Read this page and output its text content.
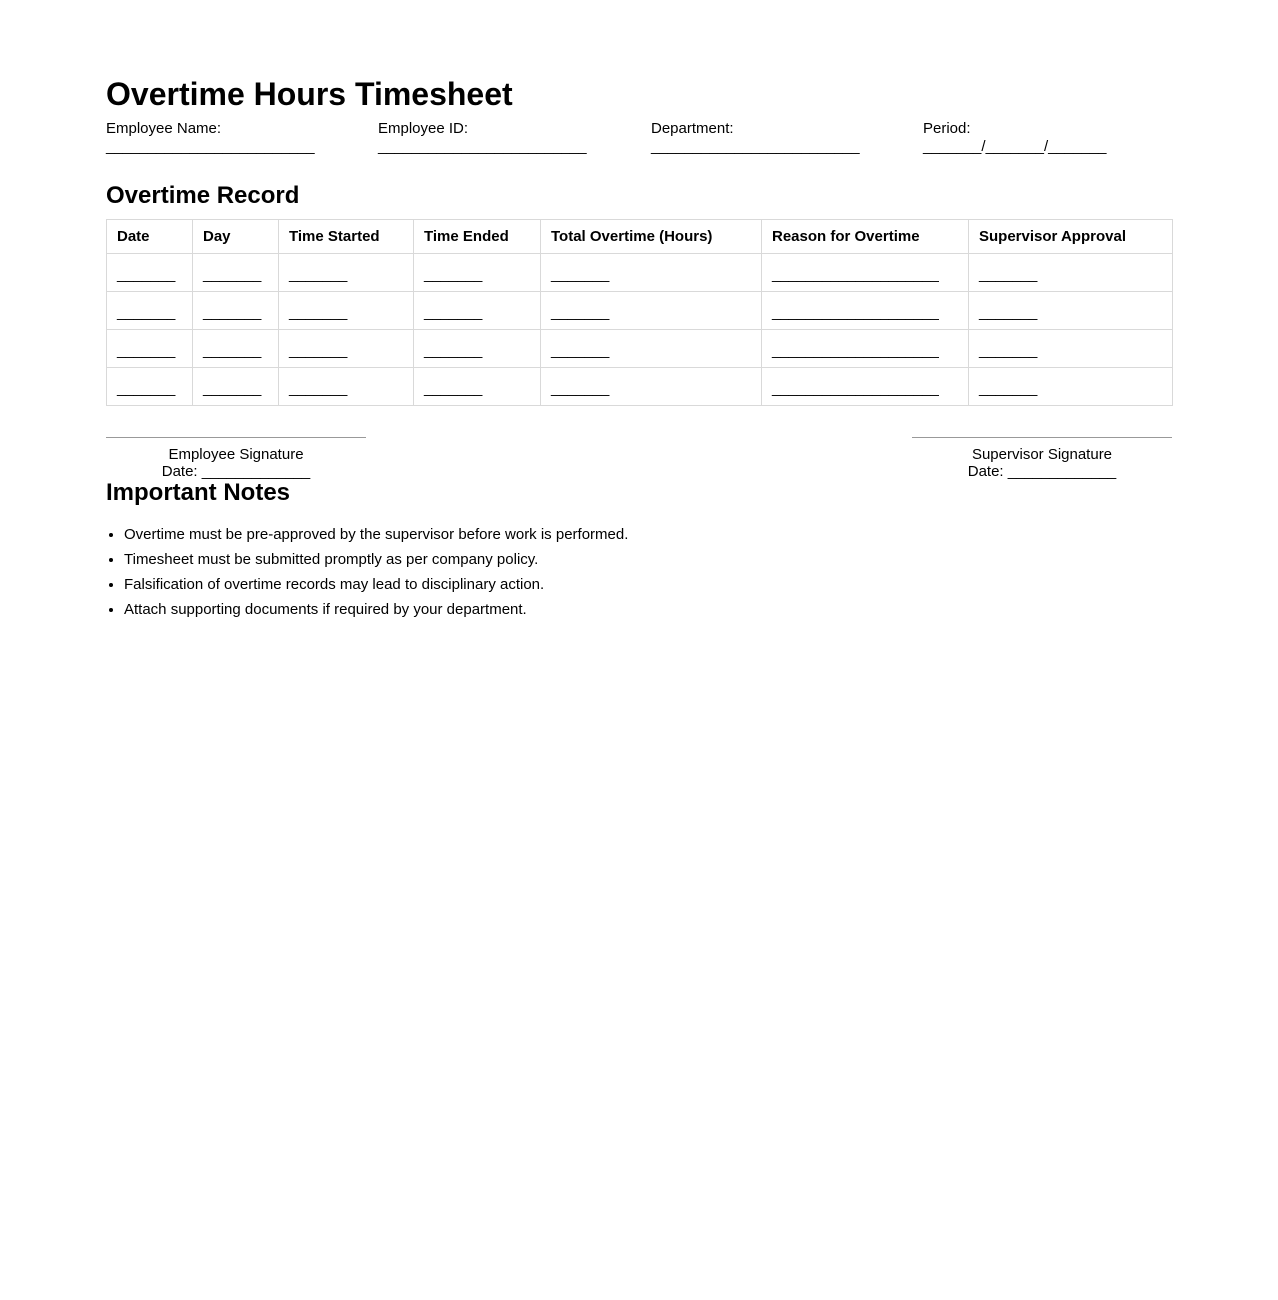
Overtime Hours Timesheet
Employee Name:
_________________________
Employee ID:
_________________________
Department:
_________________________
Period:
_______/_______/_______
Overtime Record
Date	Day	Time Started	Time Ended	Total Overtime (Hours)	Reason for Overtime	Supervisor Approval
_______	_______	_______	_______	_______	____________________	_______
_______	_______	_______	_______	_______	____________________	_______
_______	_______	_______	_______	_______	____________________	_______
_______	_______	_______	_______	_______	____________________	_______
Employee Signature
Date: _____________
Supervisor Signature
Date: _____________
Important Notes
• Overtime must be pre-approved by the supervisor before work is performed.
• Timesheet must be submitted promptly as per company policy.
• Falsification of overtime records may lead to disciplinary action.
• Attach supporting documents if required by your department.
